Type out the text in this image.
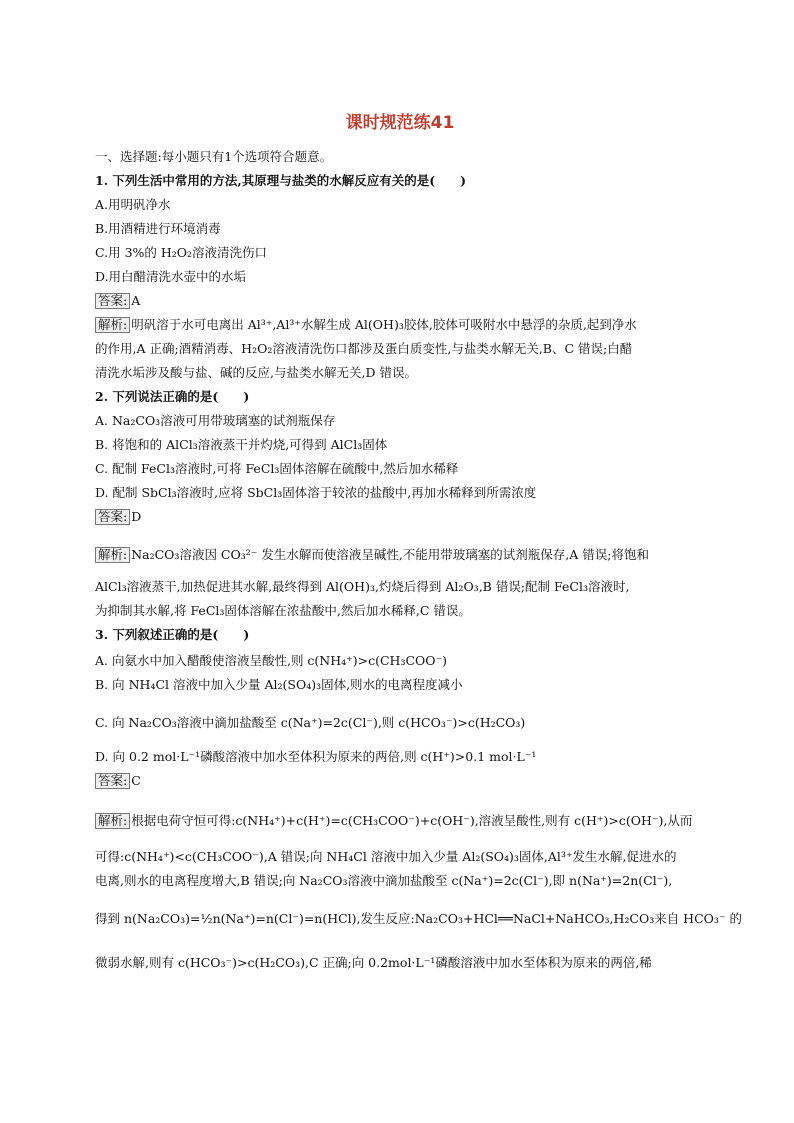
课时规范练41
一、选择题:每小题只有1个选项符合题意。
1. 下列生活中常用的方法,其原理与盐类的水解反应有关的是(　　)
A.用明矾净水
B.用酒精进行环境消毒
C.用 3%的 H₂O₂溶液清洗伤口
D.用白醋清洗水壶中的水垢
答案: A
解析: 明矾溶于水可电离出 Al³⁺,Al³⁺水解生成 Al(OH)₃胶体,胶体可吸附水中悬浮的杂质,起到净水
的作用,A 正确;酒精消毒、H₂O₂溶液清洗伤口都涉及蛋白质变性,与盐类水解无关,B、C 错误;白醋
清洗水垢涉及酸与盐、碱的反应,与盐类水解无关,D 错误。
2. 下列说法正确的是(　　)
A. Na₂CO₃溶液可用带玻璃塞的试剂瓶保存
B. 将饱和的 AlCl₃溶液蒸干并灼烧,可得到 AlCl₃固体
C. 配制 FeCl₃溶液时,可将 FeCl₃固体溶解在硫酸中,然后加水稀释
D. 配制 SbCl₃溶液时,应将 SbCl₃固体溶于较浓的盐酸中,再加水稀释到所需浓度
答案: D
解析: Na₂CO₃溶液因 CO₃²⁻ 发生水解而使溶液呈碱性,不能用带玻璃塞的试剂瓶保存,A 错误;将饱和
AlCl₃溶液蒸干,加热促进其水解,最终得到 Al(OH)₃,灼烧后得到 Al₂O₃,B 错误;配制 FeCl₃溶液时,
为抑制其水解,将 FeCl₃固体溶解在浓盐酸中,然后加水稀释,C 错误。
3. 下列叙述正确的是(　　)
A. 向氨水中加入醋酸使溶液呈酸性,则 c(NH₄⁺)>c(CH₃COO⁻)
B. 向 NH₄Cl 溶液中加入少量 Al₂(SO₄)₃固体,则水的电离程度减小
C. 向 Na₂CO₃溶液中滴加盐酸至 c(Na⁺)=2c(Cl⁻),则 c(HCO₃⁻)>c(H₂CO₃)
D. 向 0.2 mol·L⁻¹磷酸溶液中加水至体积为原来的两倍,则 c(H⁺)>0.1 mol·L⁻¹
答案: C
解析: 根据电荷守恒可得:c(NH₄⁺)+c(H⁺)=c(CH₃COO⁻)+c(OH⁻),溶液呈酸性,则有 c(H⁺)>c(OH⁻),从而
可得:c(NH₄⁺)<c(CH₃COO⁻),A 错误;向 NH₄Cl 溶液中加入少量 Al₂(SO₄)₃固体,Al³⁺发生水解,促进水的
电离,则水的电离程度增大,B 错误;向 Na₂CO₃溶液中滴加盐酸至 c(Na⁺)=2c(Cl⁻),即 n(Na⁺)=2n(Cl⁻),
得到 n(Na₂CO₃)=½n(Na⁺)=n(Cl⁻)=n(HCl),发生反应:Na₂CO₃+HCl══NaCl+NaHCO₃,H₂CO₃来自 HCO₃⁻ 的
微弱水解,则有 c(HCO₃⁻)>c(H₂CO₃),C 正确;向 0.2mol·L⁻¹磷酸溶液中加水至体积为原来的两倍,稀
